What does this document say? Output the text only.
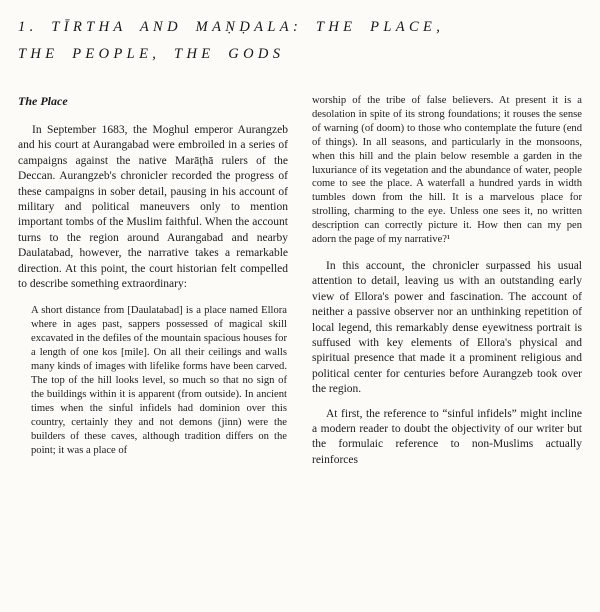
1. TĪRTHA AND MAṆḌALA: THE PLACE,
THE PEOPLE, THE GODS
The Place

In September 1683, the Moghul emperor Aurangzeb and his court at Aurangabad were embroiled in a series of campaigns against the native Marāṭhā rulers of the Deccan. Aurangzeb's chronicler recorded the progress of these campaigns in sober detail, pausing in his account of military and political maneuvers only to mention important tombs of the Muslim faithful. When the account turns to the region around Aurangabad and nearby Daulatabad, however, the narrative takes a remarkable direction. At this point, the court historian felt compelled to describe something extraordinary:

A short distance from [Daulatabad] is a place named Ellora where in ages past, sappers possessed of magical skill excavated in the defiles of the mountain spacious houses for a length of one kos [mile]. On all their ceilings and walls many kinds of images with lifelike forms have been carved. The top of the hill looks level, so much so that no sign of the buildings within it is apparent (from outside). In ancient times when the sinful infidels had dominion over this country, certainly they and not demons (jinn) were the builders of these caves, although tradition differs on the point; it was a place of

worship of the tribe of false believers. At present it is a desolation in spite of its strong foundations; it rouses the sense of warning (of doom) to those who contemplate the future (end of things). In all seasons, and particularly in the monsoons, when this hill and the plain below resemble a garden in the luxuriance of its vegetation and the abundance of water, people come to see the place. A waterfall a hundred yards in width tumbles down from the hill. It is a marvelous place for strolling, charming to the eye. Unless one sees it, no written description can correctly picture it. How then can my pen adorn the page of my narrative?¹

In this account, the chronicler surpassed his usual attention to detail, leaving us with an outstanding early view of Ellora's power and fascination. The account of neither a passive observer nor an unthinking repetition of local legend, this remarkably dense eyewitness portrait is suffused with key elements of Ellora's physical and spiritual presence that made it a prominent religious and political center for centuries before Aurangzeb took over the region.

At first, the reference to “sinful infidels” might incline a modern reader to doubt the objectivity of our writer but the formulaic reference to non-Muslims actually reinforces
